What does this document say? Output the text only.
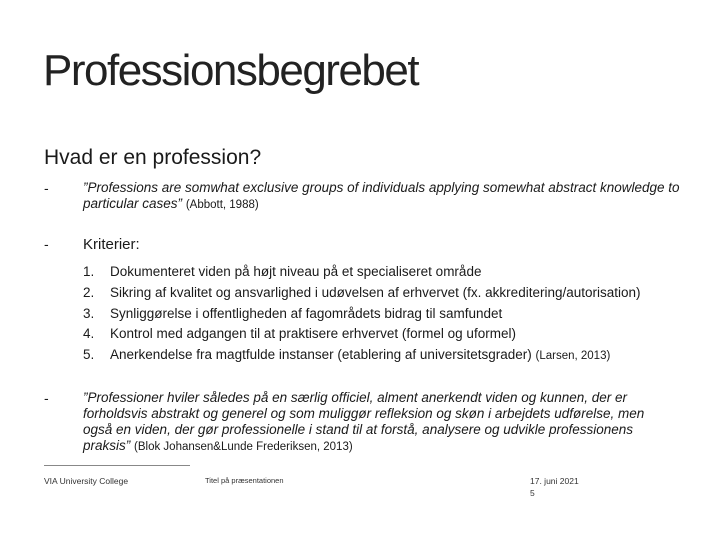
Professionsbegrebet
Hvad er en profession?
-	”Professions are somwhat exclusive groups of individuals applying somewhat abstract knowledge to particular cases” (Abbott, 1988)
- Kriterier:
1. Dokumenteret viden på højt niveau på et specialiseret område
2. Sikring af kvalitet og ansvarlighed i udøvelsen af erhvervet (fx. akkreditering/autorisation)
3. Synliggørelse i offentligheden af fagområdets bidrag til samfundet
4. Kontrol med adgangen til at praktisere erhvervet (formel og uformel)
5. Anerkendelse fra magtfulde instanser (etablering af universitetsgrader) (Larsen, 2013)
-	”Professioner hviler således på en særlig officiel, alment anerkendt viden og kunnen, der er forholdsvis abstrakt og generel og som muliggør refleksion og skøn i arbejdets udførelse, men også en viden, der gør professionelle i stand til at forstå, analysere og udvikle professionens praksis” (Blok Johansen&Lunde Frederiksen, 2013)
VIA University College	Titel på præsentationen	17. juni 2021
5
